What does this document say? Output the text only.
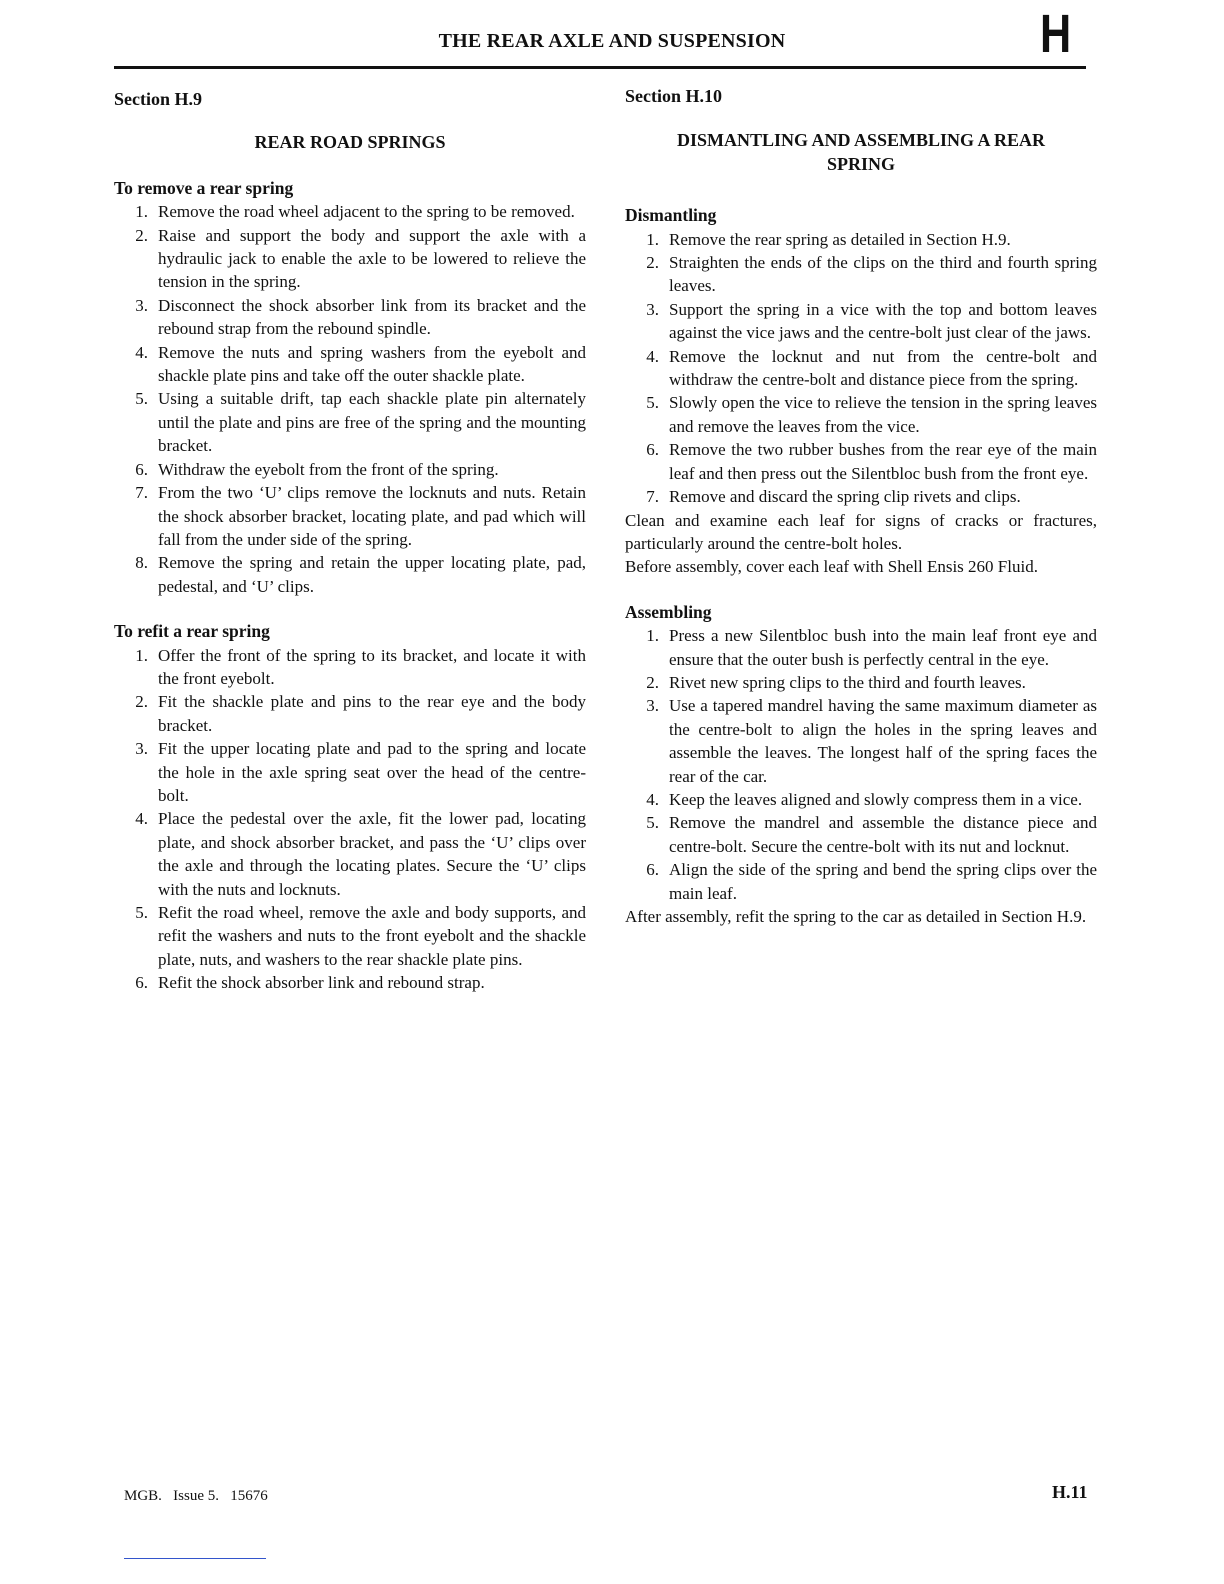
THE REAR AXLE AND SUSPENSION	H

Section H.9

REAR ROAD SPRINGS

To remove a rear spring

1. Remove the road wheel adjacent to the spring to be removed.
2. Raise and support the body and support the axle with a hydraulic jack to enable the axle to be lowered to relieve the tension in the spring.
3. Disconnect the shock absorber link from its bracket and the rebound strap from the rebound spindle.
4. Remove the nuts and spring washers from the eyebolt and shackle plate pins and take off the outer shackle plate.
5. Using a suitable drift, tap each shackle plate pin alternately until the plate and pins are free of the spring and the mounting bracket.
6. Withdraw the eyebolt from the front of the spring.
7. From the two ‘U’ clips remove the locknuts and nuts. Retain the shock absorber bracket, locating plate, and pad which will fall from the under side of the spring.
8. Remove the spring and retain the upper locating plate, pad, pedestal, and ‘U’ clips.

To refit a rear spring

1. Offer the front of the spring to its bracket, and locate it with the front eyebolt.
2. Fit the shackle plate and pins to the rear eye and the body bracket.
3. Fit the upper locating plate and pad to the spring and locate the hole in the axle spring seat over the head of the centre-bolt.
4. Place the pedestal over the axle, fit the lower pad, locating plate, and shock absorber bracket, and pass the ‘U’ clips over the axle and through the locating plates. Secure the ‘U’ clips with the nuts and locknuts.
5. Refit the road wheel, remove the axle and body supports, and refit the washers and nuts to the front eyebolt and the shackle plate, nuts, and washers to the rear shackle plate pins.
6. Refit the shock absorber link and rebound strap.

Section H.10

DISMANTLING AND ASSEMBLING A REAR SPRING

Dismantling

1. Remove the rear spring as detailed in Section H.9.
2. Straighten the ends of the clips on the third and fourth spring leaves.
3. Support the spring in a vice with the top and bottom leaves against the vice jaws and the centre-bolt just clear of the jaws.
4. Remove the locknut and nut from the centre-bolt and withdraw the centre-bolt and distance piece from the spring.
5. Slowly open the vice to relieve the tension in the spring leaves and remove the leaves from the vice.
6. Remove the two rubber bushes from the rear eye of the main leaf and then press out the Silentbloc bush from the front eye.
7. Remove and discard the spring clip rivets and clips.

Clean and examine each leaf for signs of cracks or fractures, particularly around the centre-bolt holes.

Before assembly, cover each leaf with Shell Ensis 260 Fluid.

Assembling

1. Press a new Silentbloc bush into the main leaf front eye and ensure that the outer bush is perfectly central in the eye.
2. Rivet new spring clips to the third and fourth leaves.
3. Use a tapered mandrel having the same maximum diameter as the centre-bolt to align the holes in the spring leaves and assemble the leaves. The longest half of the spring faces the rear of the car.
4. Keep the leaves aligned and slowly compress them in a vice.
5. Remove the mandrel and assemble the distance piece and centre-bolt. Secure the centre-bolt with its nut and locknut.
6. Align the side of the spring and bend the spring clips over the main leaf.

After assembly, refit the spring to the car as detailed in Section H.9.

MGB.   Issue 5.   15676	H.11
